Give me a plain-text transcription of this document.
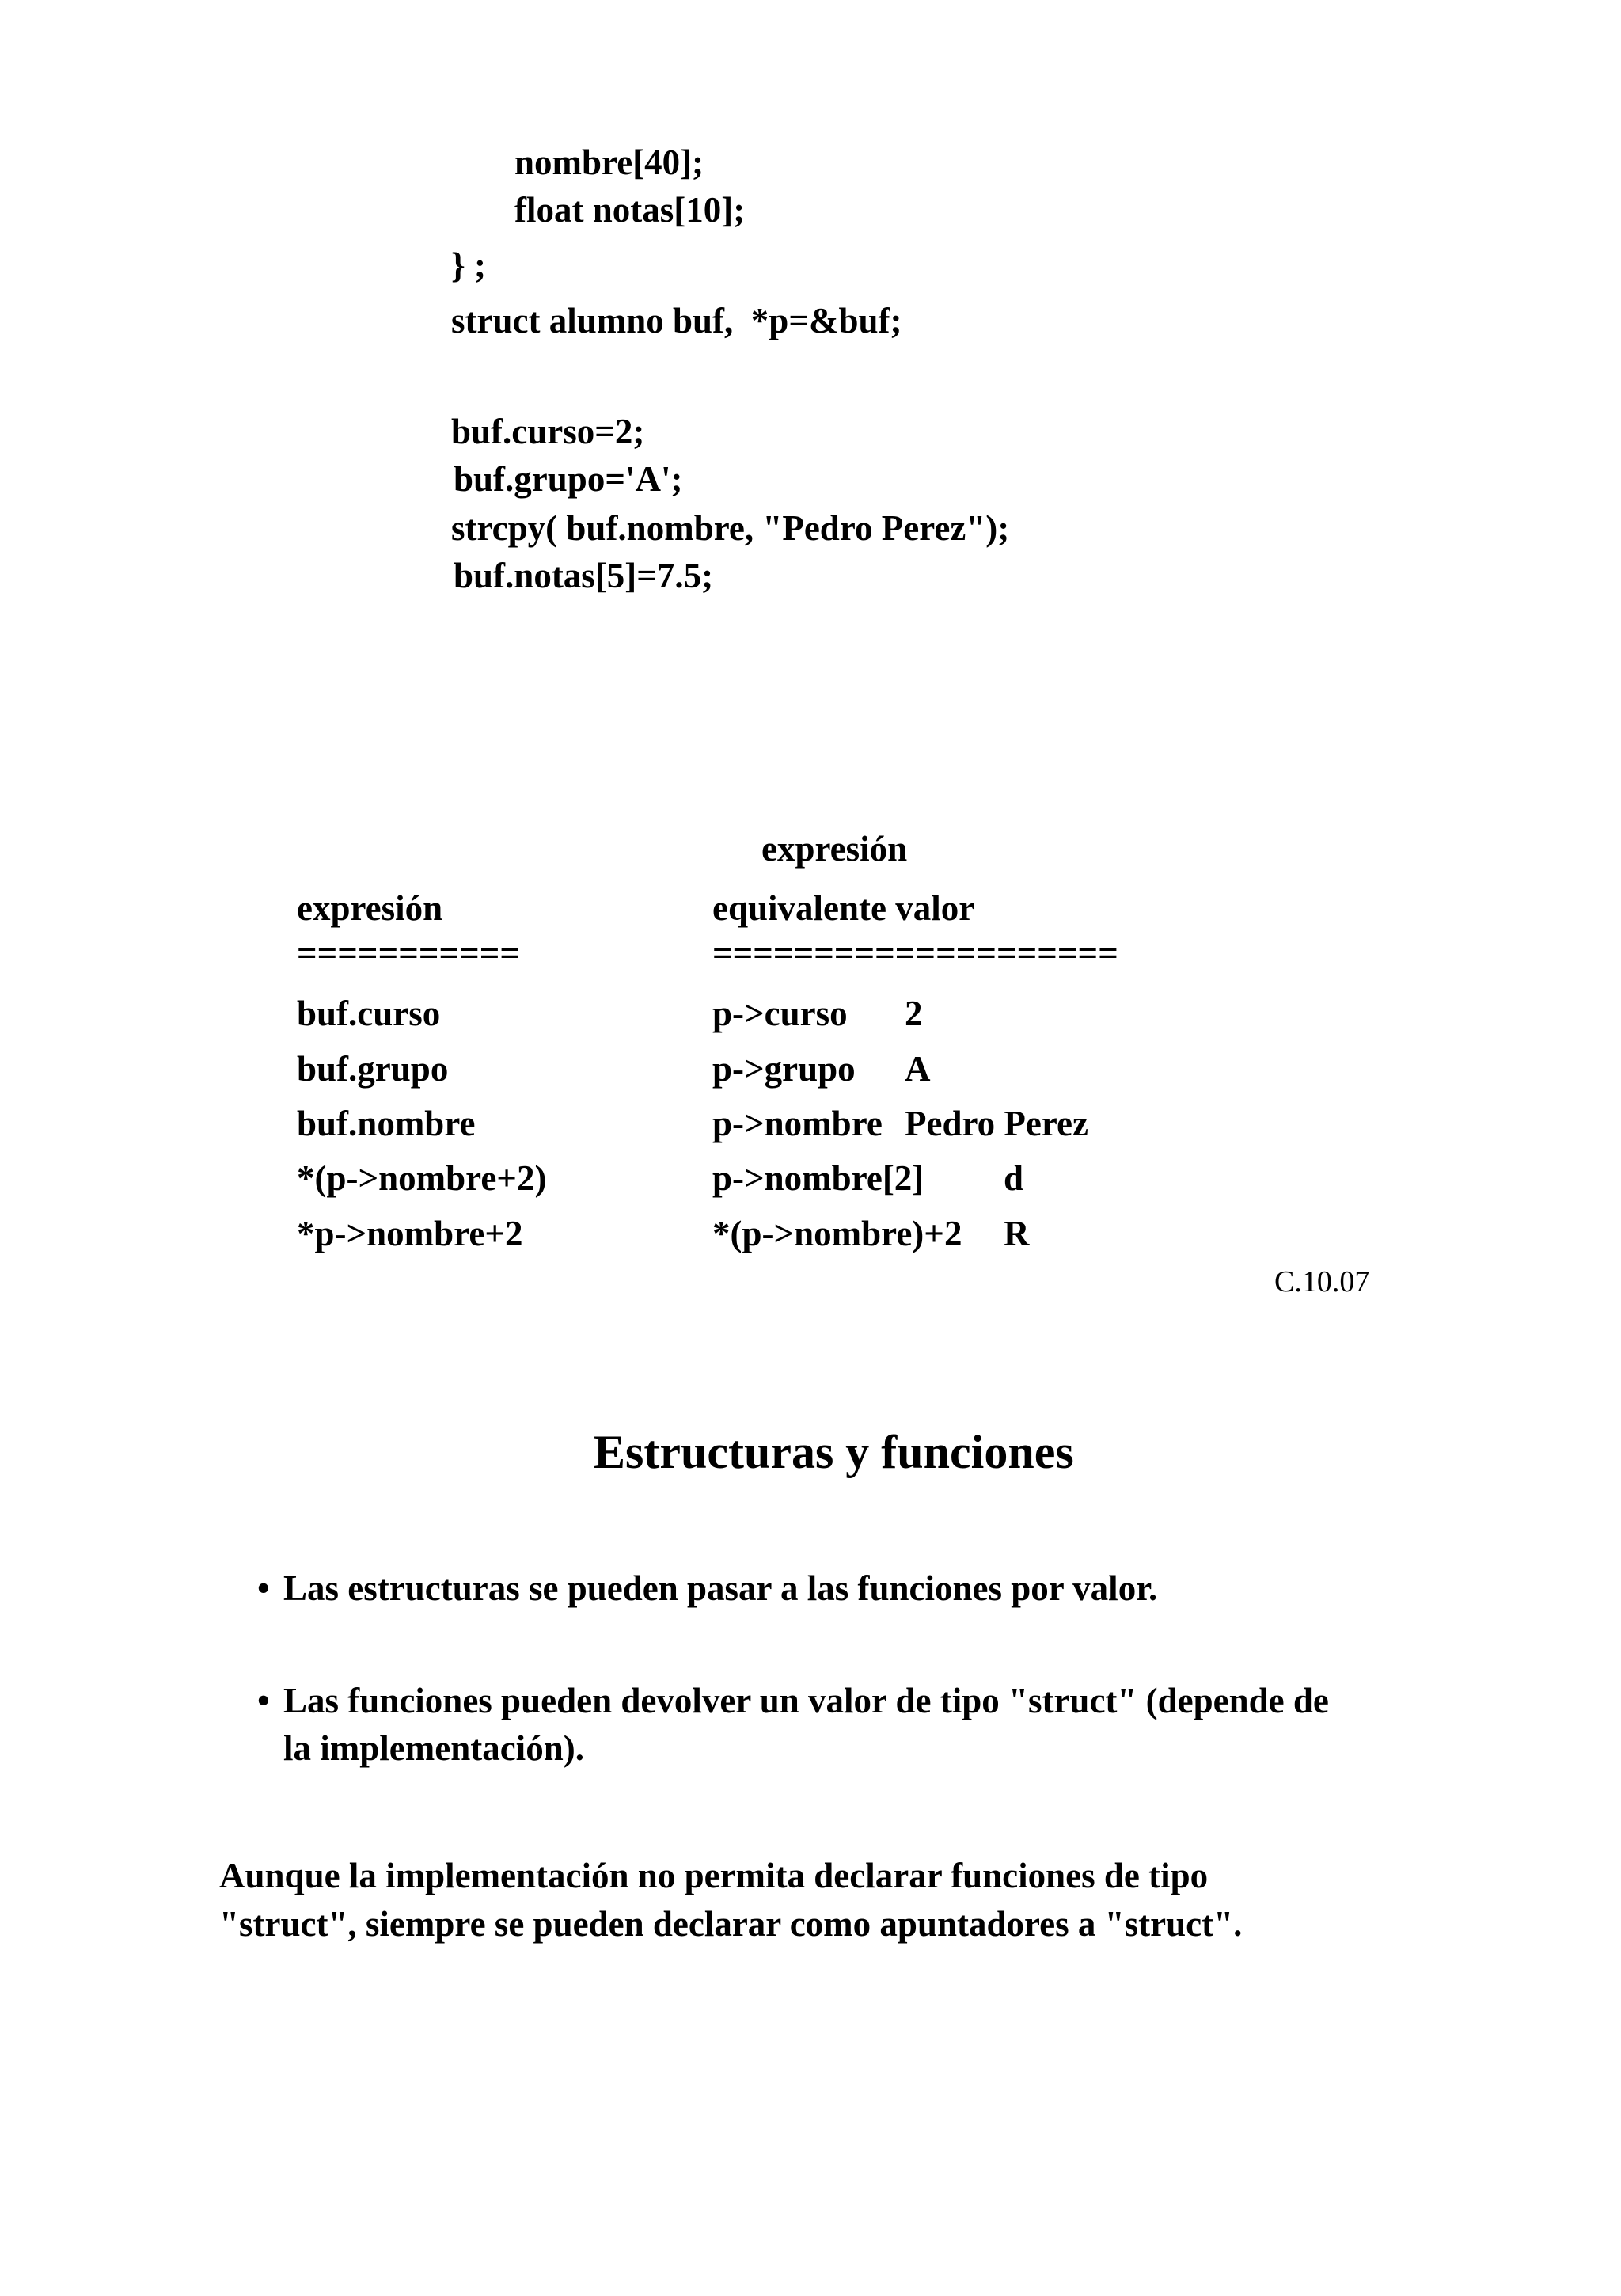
nombre[40];
float notas[10];
} ;
struct alumno buf,  *p=&buf;
buf.curso=2;
buf.grupo='A';
strcpy( buf.nombre, "Pedro Perez");
buf.notas[5]=7.5;
expresión
expresión	equivalente valor
===========	====================
buf.curso	p->curso 2
buf.grupo	p->grupo A
buf.nombre	p->nombre Pedro Perez
*(p->nombre+2)	p->nombre[2] d
*p->nombre+2	*(p->nombre)+2 R
C.10.07
Estructuras y funciones
• Las estructuras se pueden pasar a las funciones por valor.
• Las funciones pueden devolver un valor de tipo "struct" (depende de
la implementación).
Aunque la implementación no permita declarar funciones de tipo
"struct", siempre se pueden declarar como apuntadores a "struct".
